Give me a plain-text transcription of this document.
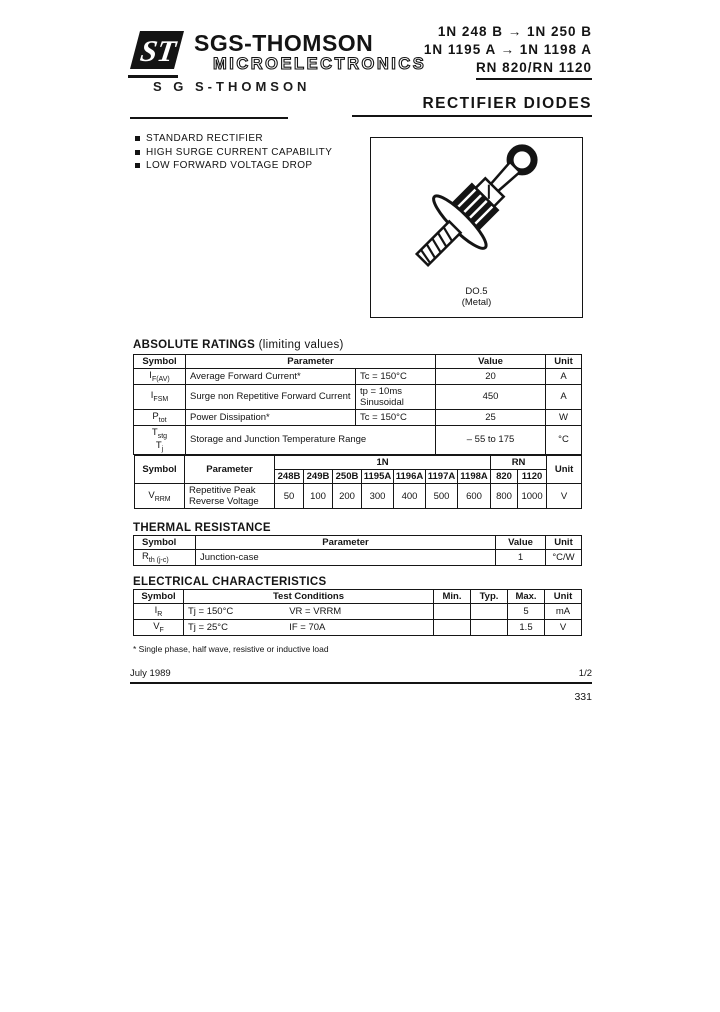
ST SGS-THOMSON
MICROELECTRONICS
S G S-THOMSON
1N 248 B → 1N 250 B
1N 1195 A → 1N 1198 A
RN 820/RN 1120
RECTIFIER DIODES
STANDARD RECTIFIER
HIGH SURGE CURRENT CAPABILITY
LOW FORWARD VOLTAGE DROP
DO.5
(Metal)
ABSOLUTE RATINGS (limiting values)
Symbol	Parameter		Value	Unit
$I_{F(AV)}$	Average Forward Current*	Tc = 150°C	20	A
$I_{FSM}$	Surge non Repetitive Forward Current	tp = 10ms
Sinusoidal	450	A
$P_{tot}$	Power Dissipation*	Tc = 150°C	25	W

$T_{stg}$
$T_j$	Storage and Junction Temperature Range		– 55 to 175	°C
Symbol	Parameter	1N							RN		Unit
		248B	249B	250B	1195A	1196A	1197A	1198A	820	1120	
$V_{RRM}$	Repetitive Peak
Reverse Voltage	50	100	200	300	400	500	600	800	1000	V
THERMAL RESISTANCE
Symbol	Parameter	Value	Unit
$R_{th (j-c)}$	Junction-case	1	°C/W
ELECTRICAL CHARACTERISTICS
Symbol	Test Conditions	Min.	Typ.	Max.	Unit
$I_R$	Tj = 150°C VR = VRRM			5	mA
$V_F$	Tj = 25°C IF = 70A			1.5	V
* Single phase, half wave, resistive or inductive load
July 1989	1/2
331
